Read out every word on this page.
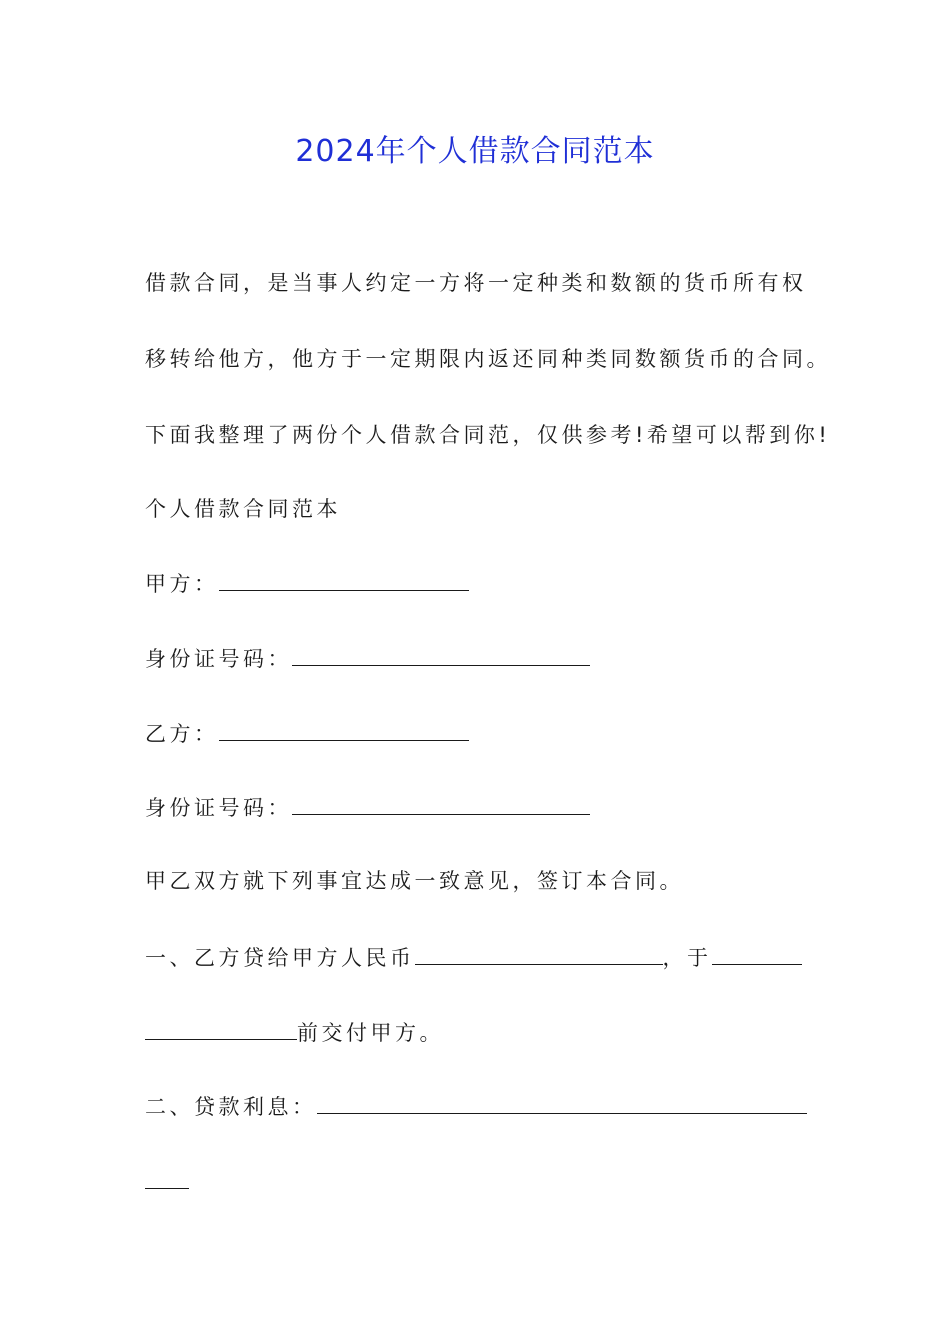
2024年个人借款合同范本
借款合同，是当事人约定一方将一定种类和数额的货币所有权
移转给他方，他方于一定期限内返还同种类同数额货币的合同。
下面我整理了两份个人借款合同范，仅供参考!希望可以帮到你!
个人借款合同范本
甲方：
身份证号码：
乙方：
身份证号码：
甲乙双方就下列事宜达成一致意见，签订本合同。
一、乙方贷给甲方人民币	，于
前交付甲方。
二、贷款利息：
